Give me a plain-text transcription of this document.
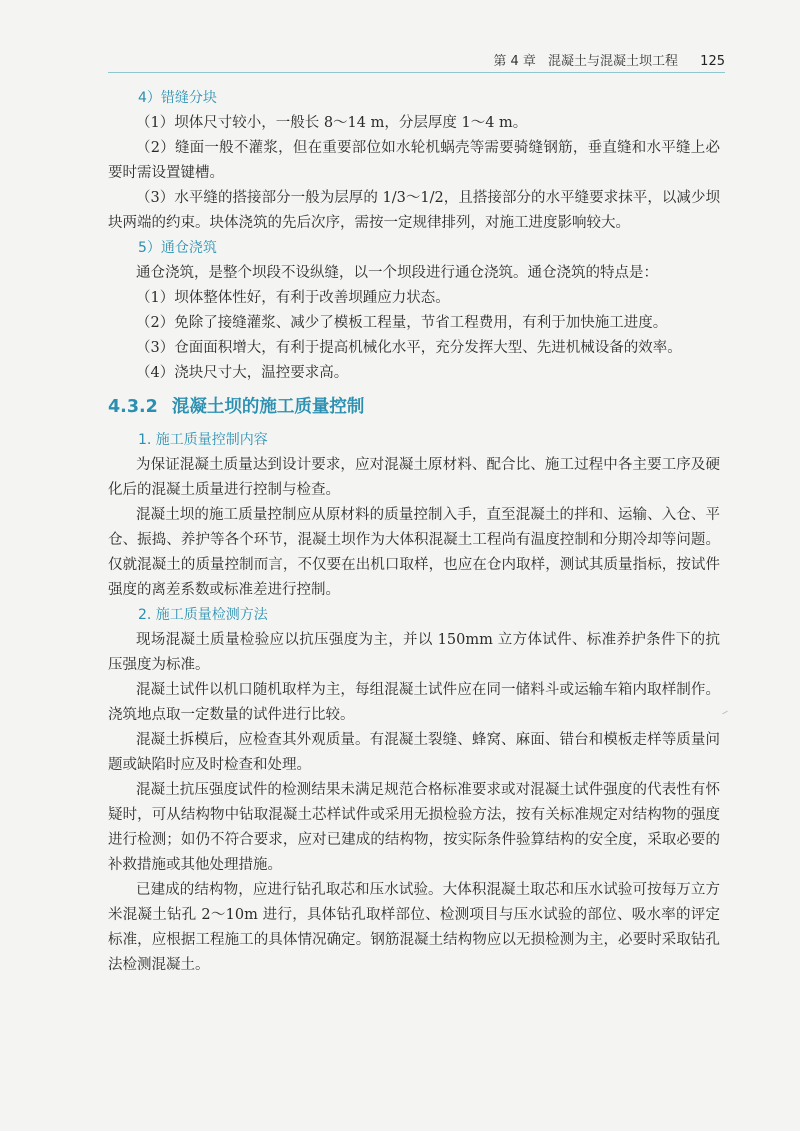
第 4 章 混凝土与混凝土坝工程 125
4）错缝分块

（1）坝体尺寸较小，一般长 8～14 m，分层厚度 1～4 m。

（2）缝面一般不灌浆，但在重要部位如水轮机蜗壳等需要骑缝钢筋，垂直缝和水平缝上必要时需设置键槽。

（3）水平缝的搭接部分一般为层厚的 1/3～1/2，且搭接部分的水平缝要求抹平，以减少坝块两端的约束。块体浇筑的先后次序，需按一定规律排列，对施工进度影响较大。

5）通仓浇筑

通仓浇筑，是整个坝段不设纵缝，以一个坝段进行通仓浇筑。通仓浇筑的特点是：

（1）坝体整体性好，有利于改善坝踵应力状态。

（2）免除了接缝灌浆、减少了模板工程量，节省工程费用，有利于加快施工进度。

（3）仓面面积增大，有利于提高机械化水平，充分发挥大型、先进机械设备的效率。

（4）浇块尺寸大，温控要求高。

4.3.2 混凝土坝的施工质量控制
1. 施工质量控制内容

为保证混凝土质量达到设计要求，应对混凝土原材料、配合比、施工过程中各主要工序及硬化后的混凝土质量进行控制与检查。

混凝土坝的施工质量控制应从原材料的质量控制入手，直至混凝土的拌和、运输、入仓、平仓、振捣、养护等各个环节，混凝土坝作为大体积混凝土工程尚有温度控制和分期冷却等问题。仅就混凝土的质量控制而言，不仅要在出机口取样，也应在仓内取样，测试其质量指标，按试件强度的离差系数或标准差进行控制。

2. 施工质量检测方法

现场混凝土质量检验应以抗压强度为主，并以 150mm 立方体试件、标准养护条件下的抗压强度为标准。

混凝土试件以机口随机取样为主，每组混凝土试件应在同一储料斗或运输车箱内取样制作。浇筑地点取一定数量的试件进行比较。

混凝土拆模后，应检查其外观质量。有混凝土裂缝、蜂窝、麻面、错台和模板走样等质量问题或缺陷时应及时检查和处理。

混凝土抗压强度试件的检测结果未满足规范合格标准要求或对混凝土试件强度的代表性有怀疑时，可从结构物中钻取混凝土芯样试件或采用无损检验方法，按有关标准规定对结构物的强度进行检测；如仍不符合要求，应对已建成的结构物，按实际条件验算结构的安全度，采取必要的补救措施或其他处理措施。

已建成的结构物，应进行钻孔取芯和压水试验。大体积混凝土取芯和压水试验可按每万立方米混凝土钻孔 2～10m 进行，具体钻孔取样部位、检测项目与压水试验的部位、吸水率的评定标准，应根据工程施工的具体情况确定。钢筋混凝土结构物应以无损检测为主，必要时采取钻孔法检测混凝土。
